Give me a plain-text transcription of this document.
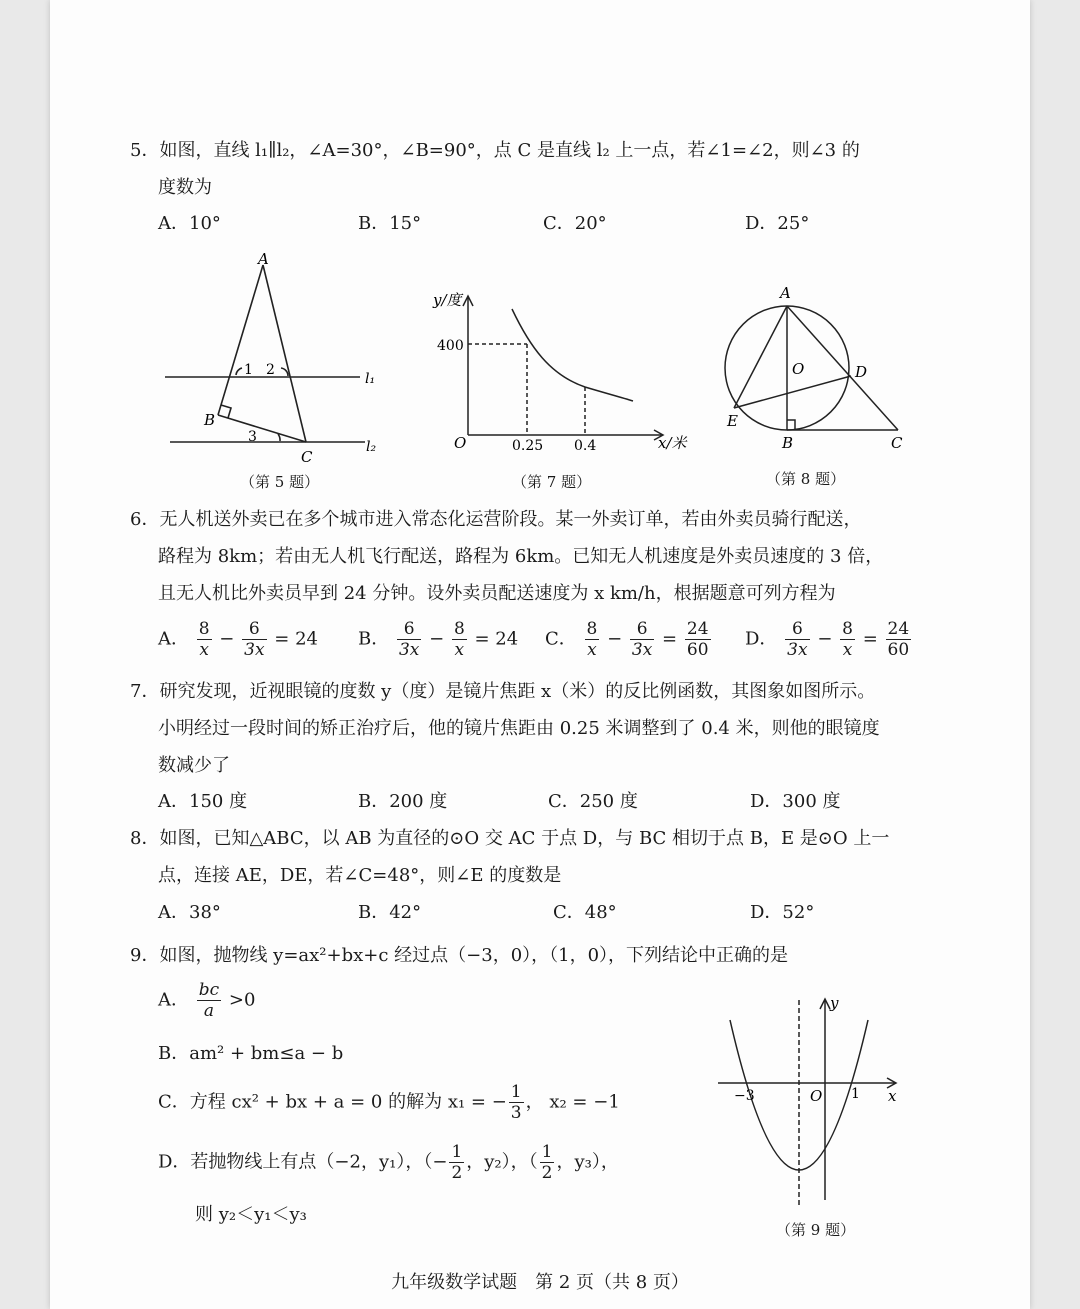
5．如图，直线 l₁∥l₂，∠A=30°，∠B=90°，点 C 是直线 l₂ 上一点，若∠1=∠2，则∠3 的
度数为
A．10°	B．15°	C．20°	D．25°
A
B
C
l₁
l₂
1 2
3
（第 5 题）
y/度
400
O	0.25 0.4	x/米
（第 7 题）
A
O	D
E
B	C
（第 8 题）
6．无人机送外卖已在多个城市进入常态化运营阶段。某一外卖订单，若由外卖员骑行配送，
路程为 8km；若由无人机飞行配送，路程为 6km。已知无人机速度是外卖员速度的 3 倍，
且无人机比外卖员早到 24 分钟。设外卖员配送速度为 x km/h，根据题意可列方程为
A． $\frac{8}{x} - \frac{6}{3x} = 24$ B． $\frac{6}{3x} - \frac{8}{x} = 24$ C． $\frac{8}{x} - \frac{6}{3x} = \frac{24}{60}$ D． $\frac{6}{3x} - \frac{8}{x} = \frac{24}{60}$
7．研究发现，近视眼镜的度数 y（度）是镜片焦距 x（米）的反比例函数，其图象如图所示。
小明经过一段时间的矫正治疗后，他的镜片焦距由 0.25 米调整到了 0.4 米，则他的眼镜度
数减少了
A．150 度	B．200 度	C．250 度	D．300 度
8．如图，已知△ABC，以 AB 为直径的⊙O 交 AC 于点 D，与 BC 相切于点 B，E 是⊙O 上一
点，连接 AE，DE，若∠C=48°，则∠E 的度数是
A．38°	B．42°	C．48°	D．52°
9．如图，抛物线 y=ax²+bx+c 经过点（−3，0），（1，0），下列结论中正确的是
A． $\frac{bc}{a} >0$
B．am² + bm≤a − b
C．方程 cx² + bx + a = 0 的解为 x₁ = − $\frac{1}{3}$ ， x₂ = −1
D．若抛物线上有点（−2，y₁），（− $\frac{1}{2}$ ，y₂），（ $\frac{1}{2}$ ，y₃），
则 y₂＜y₁＜y₃
y
x
−3	O 1
（第 9 题）
九年级数学试题　第 2 页（共 8 页）
